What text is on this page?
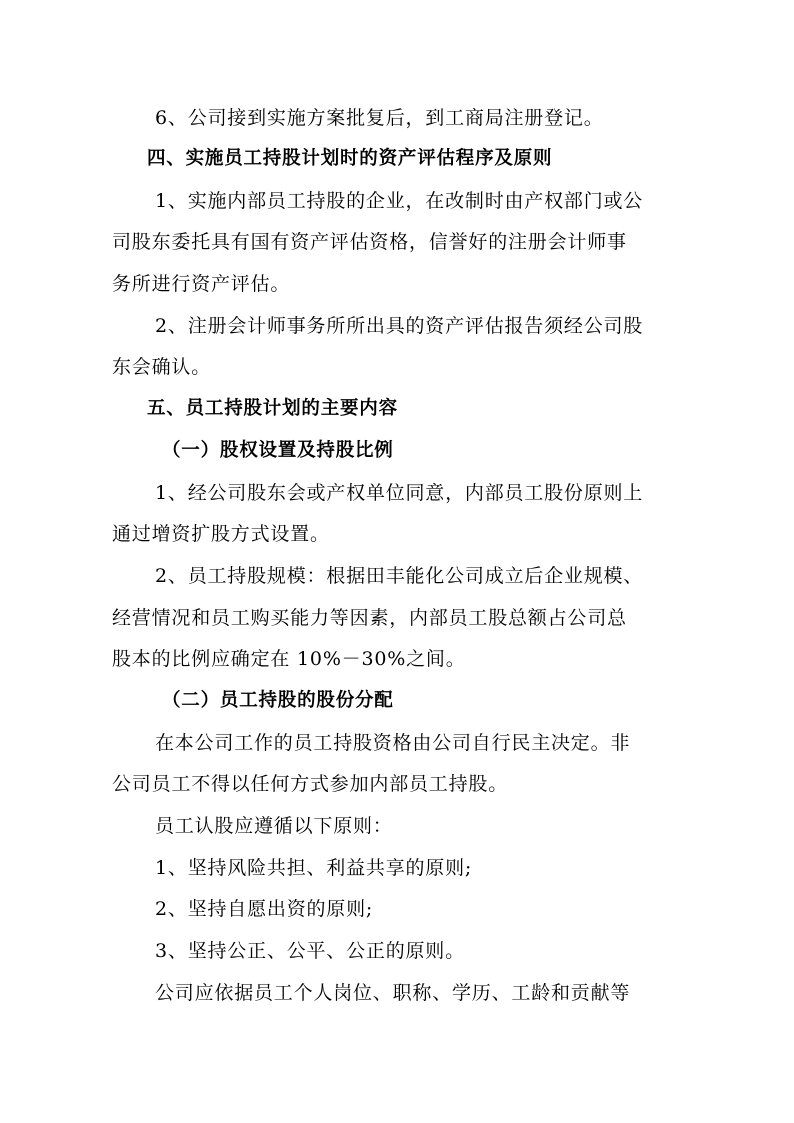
6、公司接到实施方案批复后，到工商局注册登记。
四、实施员工持股计划时的资产评估程序及原则
1、实施内部员工持股的企业，在改制时由产权部门或公
司股东委托具有国有资产评估资格，信誉好的注册会计师事
务所进行资产评估。
2、注册会计师事务所所出具的资产评估报告须经公司股
东会确认。
五、员工持股计划的主要内容
（一）股权设置及持股比例
1、经公司股东会或产权单位同意，内部员工股份原则上
通过增资扩股方式设置。
2、员工持股规模：根据田丰能化公司成立后企业规模、
经营情况和员工购买能力等因素，内部员工股总额占公司总
股本的比例应确定在 10%－30%之间。
（二）员工持股的股份分配
在本公司工作的员工持股资格由公司自行民主决定。非
公司员工不得以任何方式参加内部员工持股。
员工认股应遵循以下原则：
1、坚持风险共担、利益共享的原则;
2、坚持自愿出资的原则;
3、坚持公正、公平、公正的原则。
公司应依据员工个人岗位、职称、学历、工龄和贡献等
